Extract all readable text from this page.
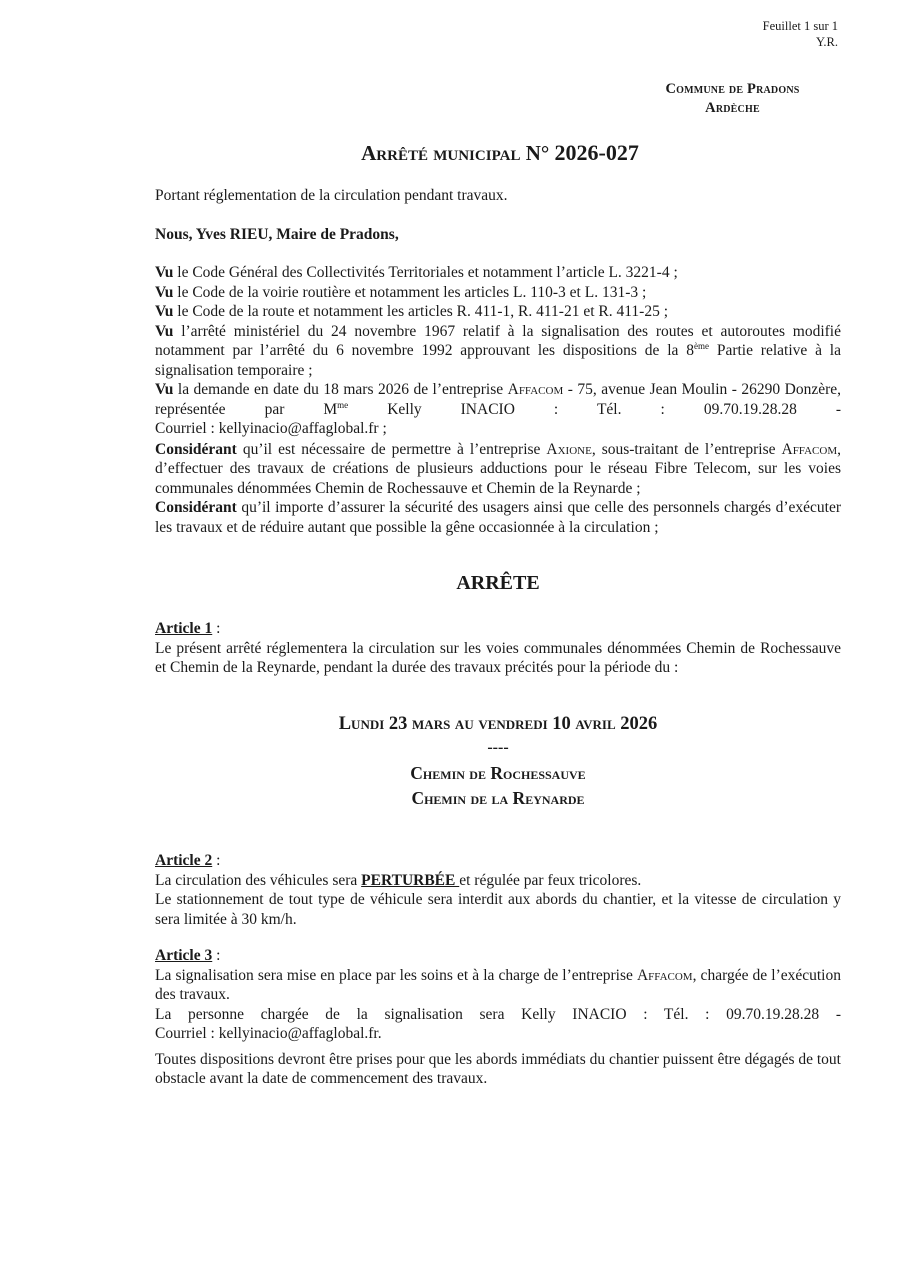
Feuillet 1 sur 1
Y.R.
Commune de Pradons
Ardèche
Arrêté municipal N° 2026-027

Portant réglementation de la circulation pendant travaux.

Nous, Yves RIEU, Maire de Pradons,

Vu le Code Général des Collectivités Territoriales et notamment l’article L. 3221-4 ;

Vu le Code de la voirie routière et notamment les articles L. 110-3 et L. 131-3 ;

Vu le Code de la route et notamment les articles R. 411-1, R. 411-21 et R. 411-25 ;

Vu l’arrêté ministériel du 24 novembre 1967 relatif à la signalisation des routes et autoroutes modifié notamment par l’arrêté du 6 novembre 1992 approuvant les dispositions de la 8ème Partie relative à la signalisation temporaire ;

Vu la demande en date du 18 mars 2026 de l’entreprise Affacom - 75, avenue Jean Moulin - 26290 Donzère, représentée par $M^{me}$ Kelly INACIO : Tél. : 09.70.19.28.28 -

Courriel : kellyinacio@affaglobal.fr ;

Considérant qu’il est nécessaire de permettre à l’entreprise Axione, sous-traitant de l’entreprise Affacom, d’effectuer des travaux de créations de plusieurs adductions pour le réseau Fibre Telecom, sur les voies communales dénommées Chemin de Rochessauve et Chemin de la Reynarde ;

Considérant qu’il importe d’assurer la sécurité des usagers ainsi que celle des personnels chargés d’exécuter les travaux et de réduire autant que possible la gêne occasionnée à la circulation ;

ARRÊTE

Article 1 :

Le présent arrêté réglementera la circulation sur les voies communales dénommées Chemin de Rochessauve et Chemin de la Reynarde, pendant la durée des travaux précités pour la période du :

Lundi 23 mars au vendredi 10 avril 2026
----
Chemin de Rochessauve
Chemin de la Reynarde

Article 2 :

La circulation des véhicules sera PERTURBÉE et régulée par feux tricolores.

Le stationnement de tout type de véhicule sera interdit aux abords du chantier, et la vitesse de circulation y sera limitée à 30 km/h.

Article 3 :

La signalisation sera mise en place par les soins et à la charge de l’entreprise Affacom, chargée de l’exécution des travaux.

La personne chargée de la signalisation sera Kelly INACIO : Tél. : 09.70.19.28.28 -

Courriel : kellyinacio@affaglobal.fr.

Toutes dispositions devront être prises pour que les abords immédiats du chantier puissent être dégagés de tout obstacle avant la date de commencement des travaux.
